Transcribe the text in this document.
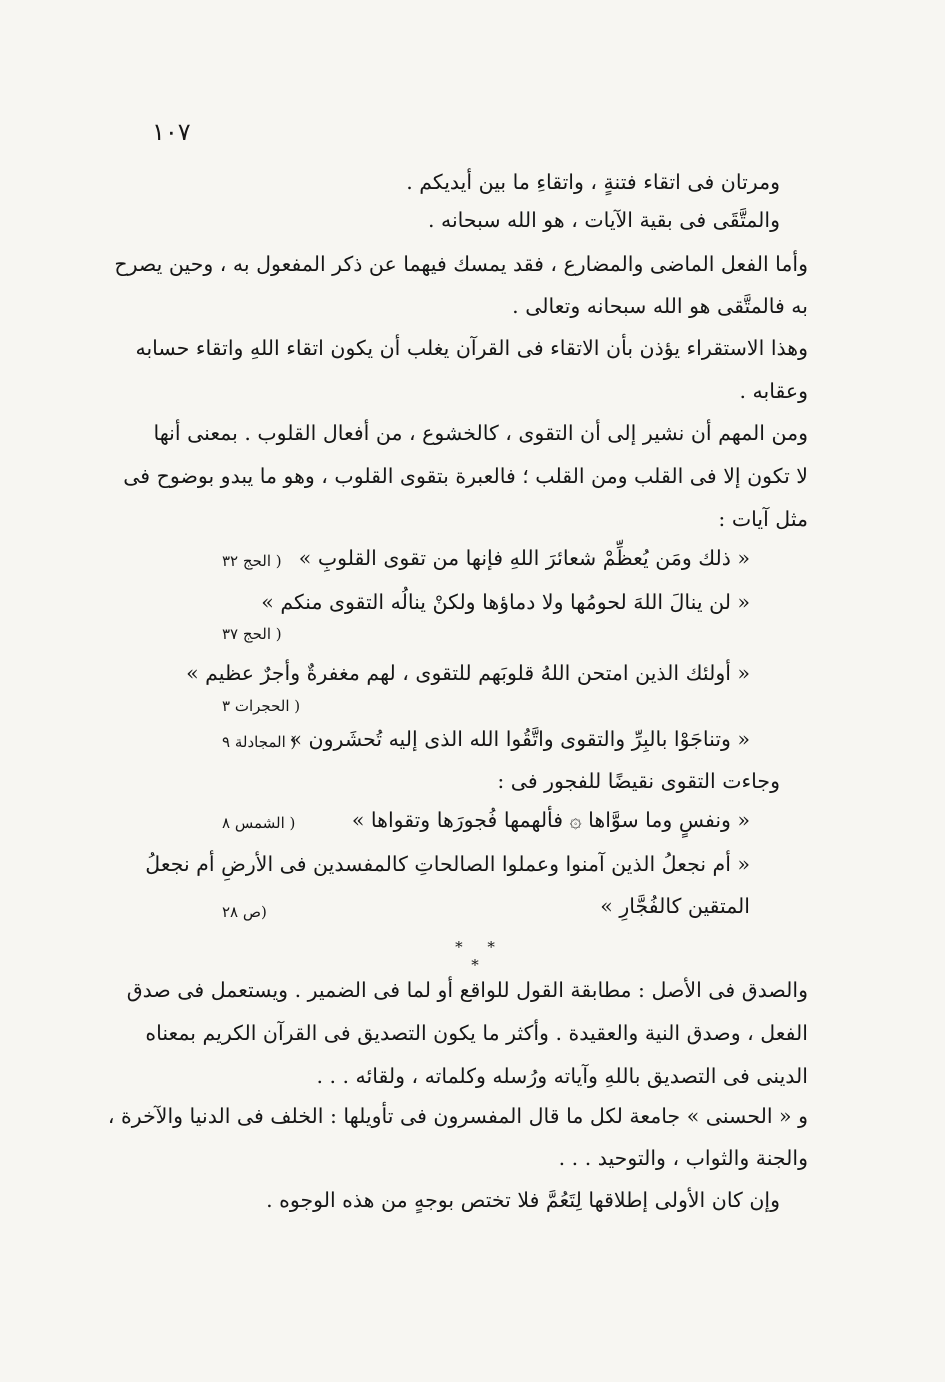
١٠٧
ومرتان فى اتقاء فتنةٍ ، واتقاءِ ما بين أيديكم .
والمتَّقَى فى بقية الآيات ، هو الله سبحانه .
وأما الفعل الماضى والمضارع ، فقد يمسك فيهما عن ذكر المفعول به ، وحين يصرح
به فالمتَّقى هو الله سبحانه وتعالى .
وهذا الاستقراء يؤذن بأن الاتقاء فى القرآن يغلب أن يكون اتقاء اللهِ واتقاء حسابه
وعقابه .
ومن المهم أن نشير إلى أن التقوى ، كالخشوع ، من أفعال القلوب . بمعنى أنها
لا تكون إلا فى القلب ومن القلب ؛ فالعبرة بتقوى القلوب ، وهو ما يبدو بوضوح فى
مثل آيات :
« ذلك ومَن يُعظِّمْ شعائرَ اللهِ فإنها من تقوى القلوبِ »
( الحج ٣٢
« لن ينالَ اللهَ لحومُها ولا دماؤها ولكنْ ينالُه التقوى منكم »
( الحج ٣٧
« أولئك الذين امتحن اللهُ قلوبَهم للتقوى ، لهم مغفرةٌ وأجرٌ عظيم »
( الحجرات ٣
« وتناجَوْا بالبِرِّ والتقوى واتَّقُوا الله الذى إليه تُحشَرون »
( المجادلة ٩
وجاءت التقوى نقيضًا للفجور فى :
« ونفسٍ وما سوَّاها ۞ فألهمها فُجورَها وتقواها »
( الشمس ٨
« أم نجعلُ الذين آمنوا وعملوا الصالحاتِ كالمفسدين فى الأرضِ أم نجعلُ
المتقين كالفُجَّارِ »
(ص ٢٨
* * *
والصدق فى الأصل : مطابقة القول للواقع أو لما فى الضمير . ويستعمل فى صدق
الفعل ، وصدق النية والعقيدة . وأكثر ما يكون التصديق فى القرآن الكريم بمعناه
الدينى فى التصديق باللهِ وآياته ورُسله وكلماته ، ولقائه . . .
و « الحسنى » جامعة لكل ما قال المفسرون فى تأويلها : الخلف فى الدنيا والآخرة ،
والجنة والثواب ، والتوحيد . . .
وإن كان الأولى إطلاقها لِتَعُمَّ فلا تختص بوجهٍ من هذه الوجوه .
